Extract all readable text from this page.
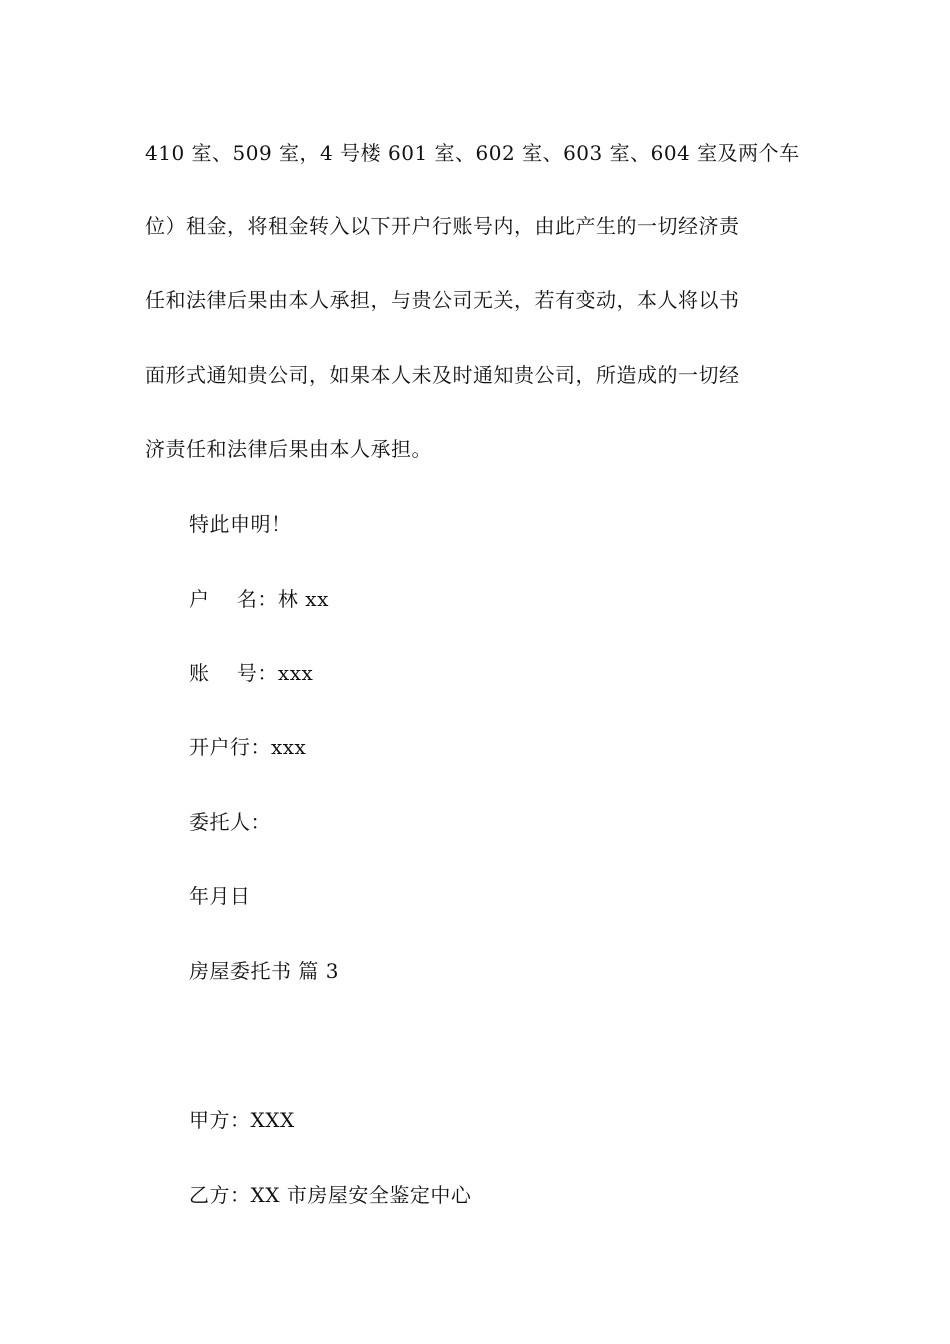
410 室、509 室，4 号楼 601 室、602 室、603 室、604 室及两个车
位）租金，将租金转入以下开户行账号内，由此产生的一切经济责
任和法律后果由本人承担，与贵公司无关，若有变动，本人将以书
面形式通知贵公司，如果本人未及时通知贵公司，所造成的一切经
济责任和法律后果由本人承担。
特此申明！
户    名：林 xx
账    号：xxx
开户行：xxx
委托人：
年月日
房屋委托书 篇 3
甲方：XXX
乙方：XX 市房屋安全鉴定中心
